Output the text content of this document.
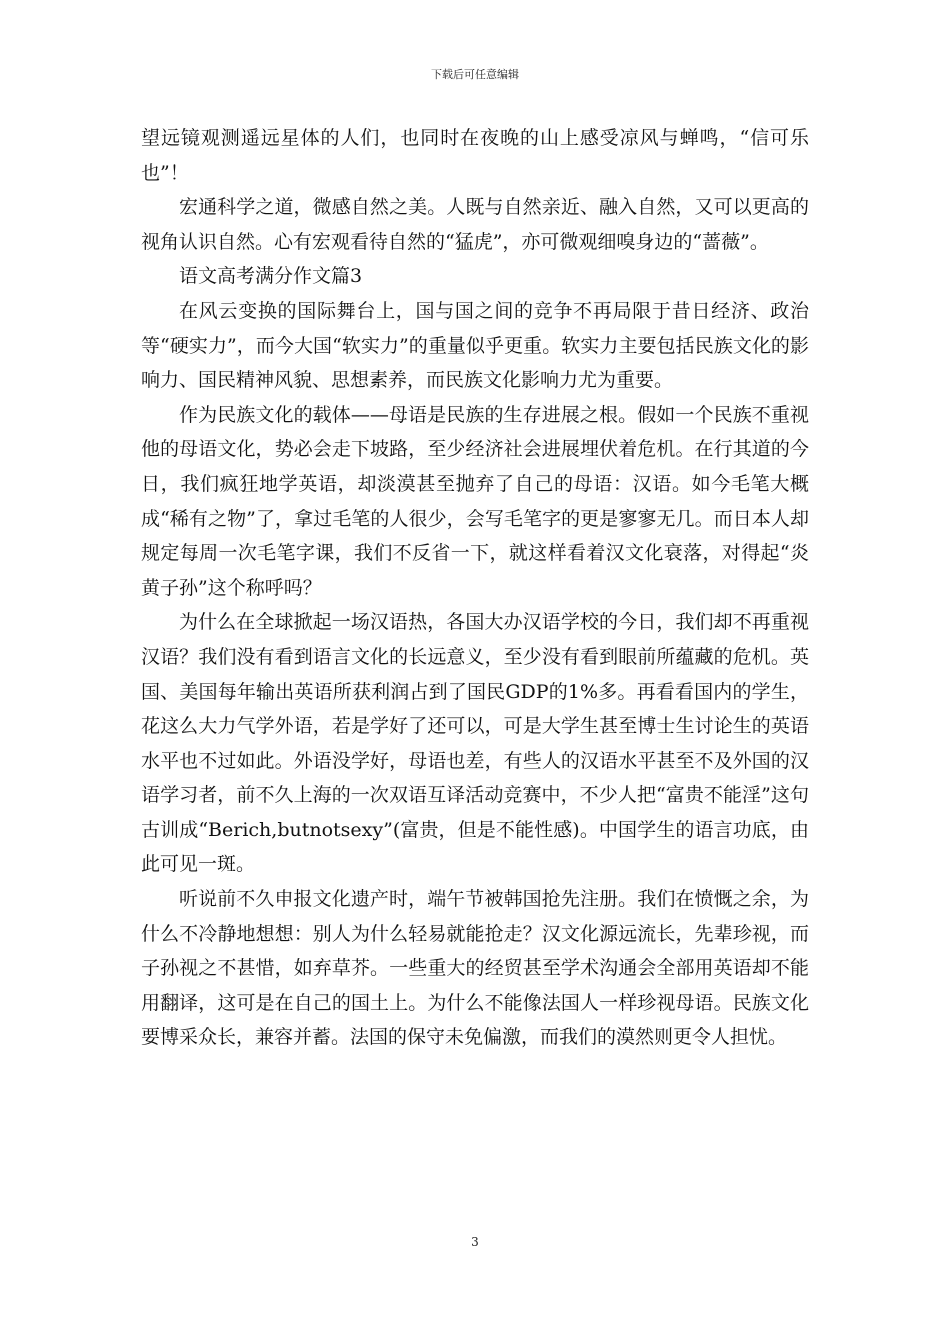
下载后可任意编辑

望远镜观测遥远星体的人们，也同时在夜晚的山上感受凉风与蝉鸣，“信可乐也”！

宏通科学之道，微感自然之美。人既与自然亲近、融入自然，又可以更高的视角认识自然。心有宏观看待自然的“猛虎”，亦可微观细嗅身边的“蔷薇”。

语文高考满分作文篇3

在风云变换的国际舞台上，国与国之间的竞争不再局限于昔日经济、政治等“硬实力”，而今大国“软实力”的重量似乎更重。软实力主要包括民族文化的影响力、国民精神风貌、思想素养，而民族文化影响力尤为重要。

作为民族文化的载体——母语是民族的生存进展之根。假如一个民族不重视他的母语文化，势必会走下坡路，至少经济社会进展埋伏着危机。在行其道的今日，我们疯狂地学英语，却淡漠甚至抛弃了自己的母语：汉语。如今毛笔大概成“稀有之物”了，拿过毛笔的人很少，会写毛笔字的更是寥寥无几。而日本人却规定每周一次毛笔字课，我们不反省一下，就这样看着汉文化衰落，对得起“炎黄子孙”这个称呼吗？

为什么在全球掀起一场汉语热，各国大办汉语学校的今日，我们却不再重视汉语？我们没有看到语言文化的长远意义，至少没有看到眼前所蕴藏的危机。英国、美国每年输出英语所获利润占到了国民GDP的1%多。再看看国内的学生，花这么大力气学外语，若是学好了还可以，可是大学生甚至博士生讨论生的英语水平也不过如此。外语没学好，母语也差，有些人的汉语水平甚至不及外国的汉语学习者，前不久上海的一次双语互译活动竞赛中，不少人把“富贵不能淫”这句古训成“Berich,butnotsexy”(富贵，但是不能性感)。中国学生的语言功底，由此可见一斑。

听说前不久申报文化遗产时，端午节被韩国抢先注册。我们在愤慨之余，为什么不冷静地想想：别人为什么轻易就能抢走？汉文化源远流长，先辈珍视，而子孙视之不甚惜，如弃草芥。一些重大的经贸甚至学术沟通会全部用英语却不能用翻译，这可是在自己的国土上。为什么不能像法国人一样珍视母语。民族文化要博采众长，兼容并蓄。法国的保守未免偏激，而我们的漠然则更令人担忧。

3
